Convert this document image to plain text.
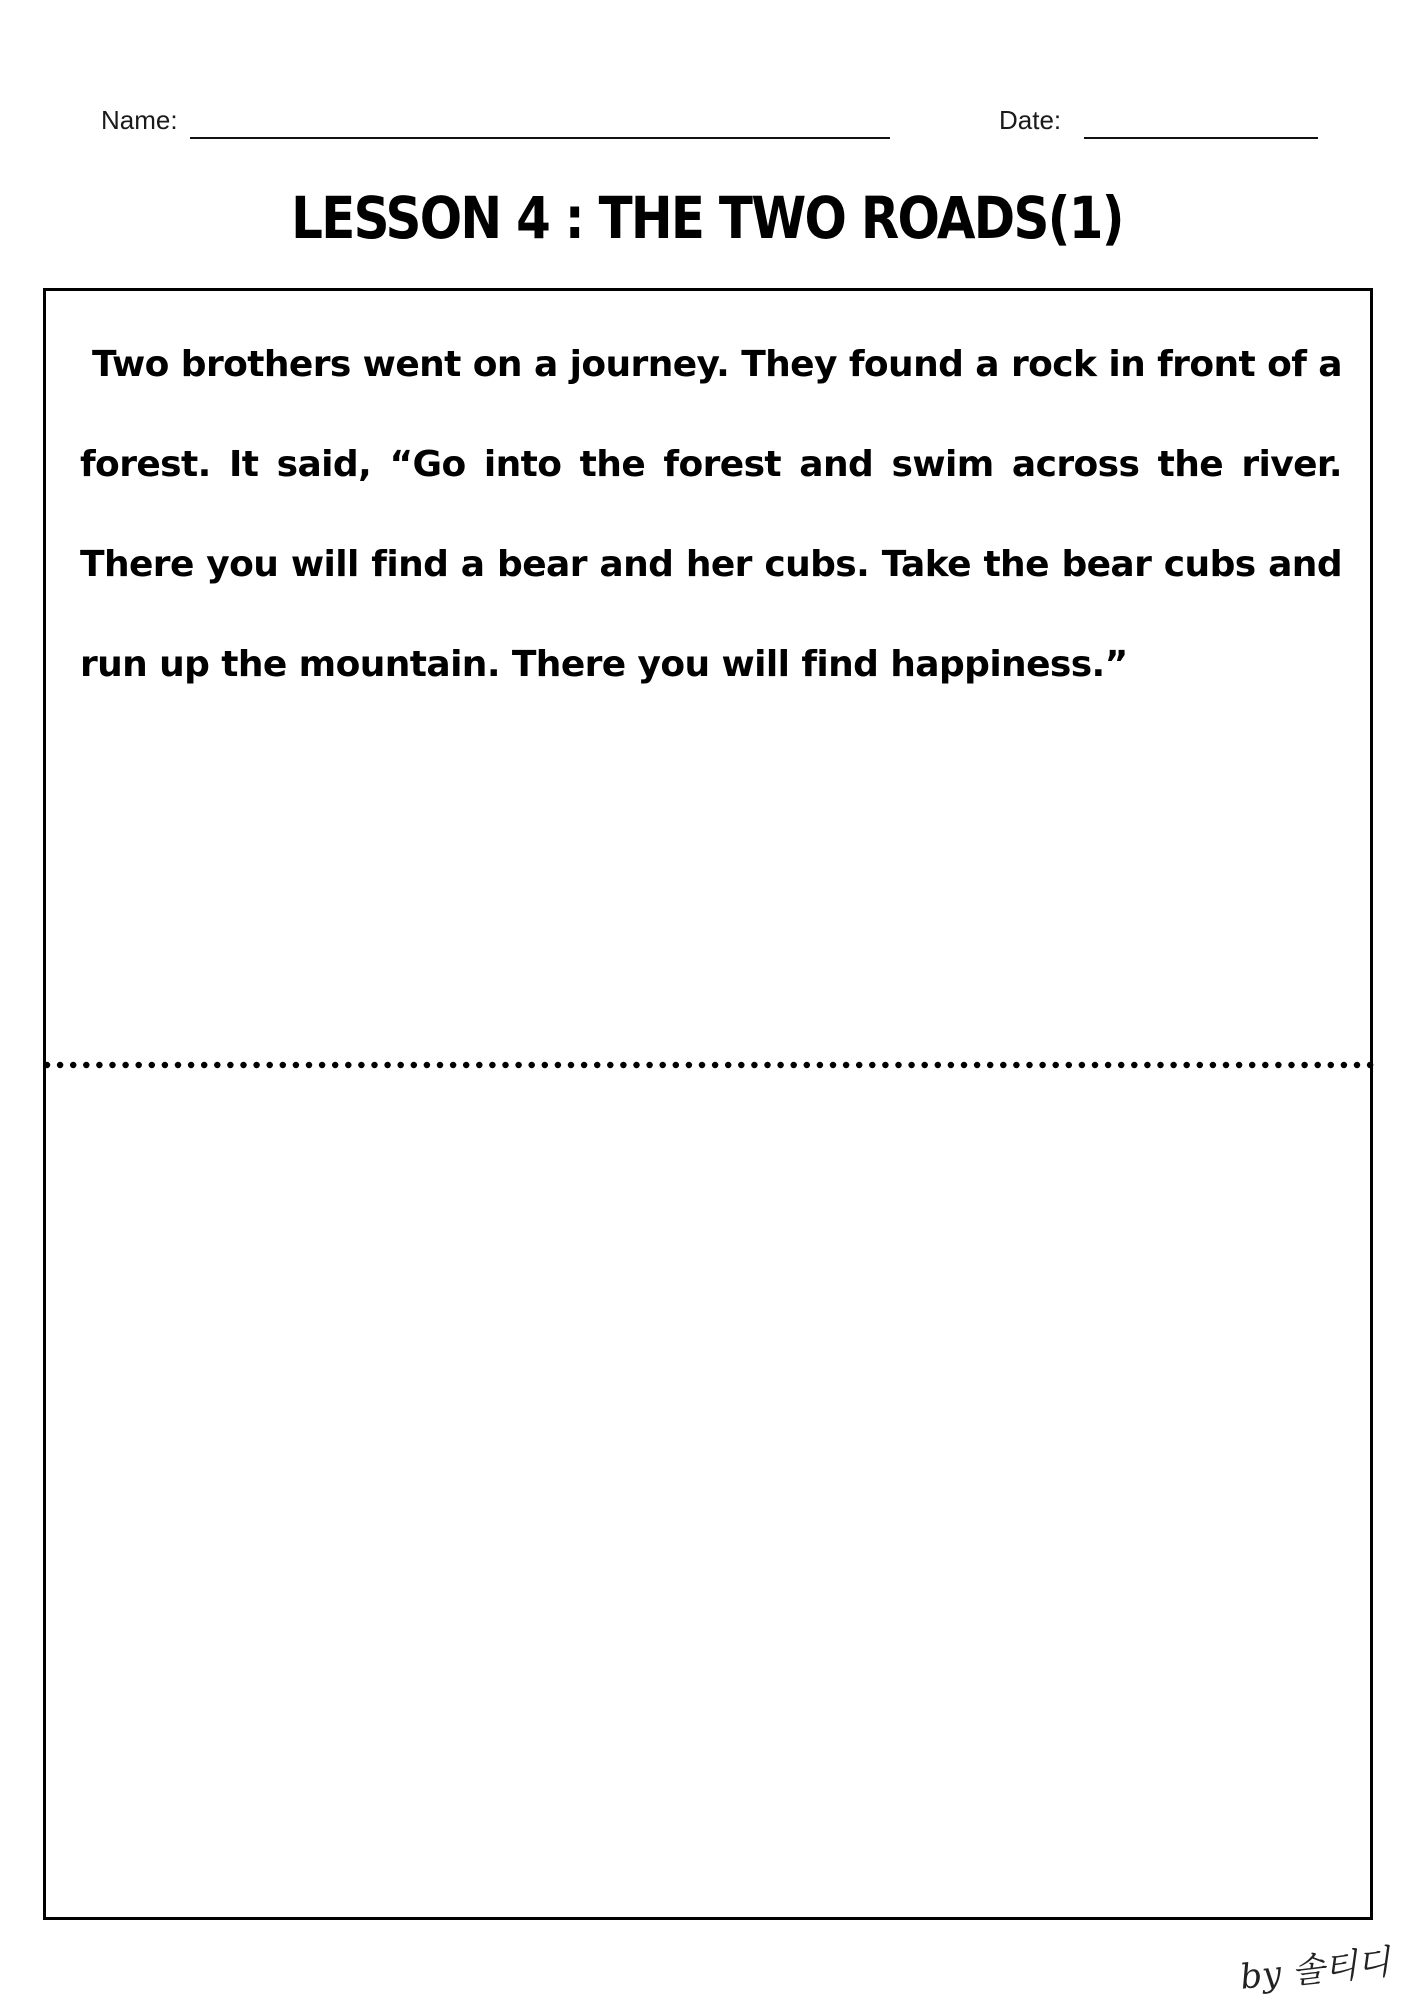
Name:	Date:
LESSON 4 : THE TWO ROADS(1)

Two brothers went on a journey. They found a rock in front of a forest. It said, “Go into the forest and swim across the river. There you will find a bear and her cubs. Take the bear cubs and run up the mountain. There you will find happiness.”

by 솔티디
